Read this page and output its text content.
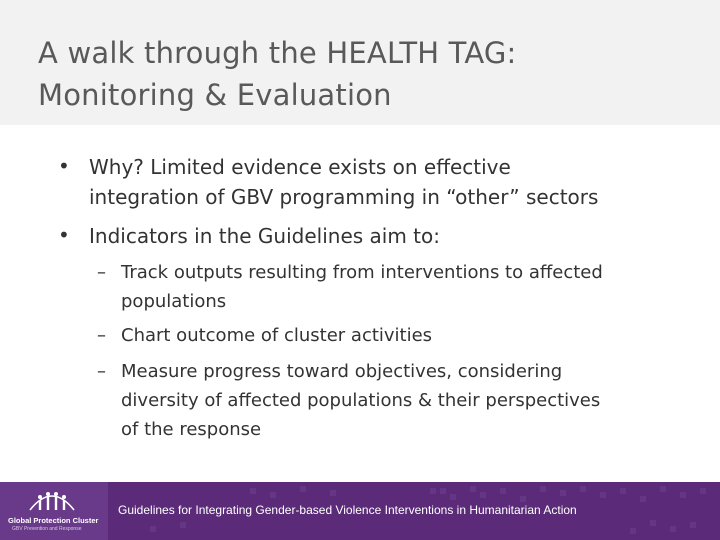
A walk through the HEALTH TAG:
Monitoring & Evaluation
• Why? Limited evidence exists on effective
integration of GBV programming in “other” sectors
• Indicators in the Guidelines aim to:
– Track outputs resulting from interventions to affected
populations
– Chart outcome of cluster activities
– Measure progress toward objectives, considering
diversity of affected populations & their perspectives
of the response
Global Protection Cluster
GBV Prevention and Response
Guidelines for Integrating Gender-based Violence Interventions in Humanitarian Action
